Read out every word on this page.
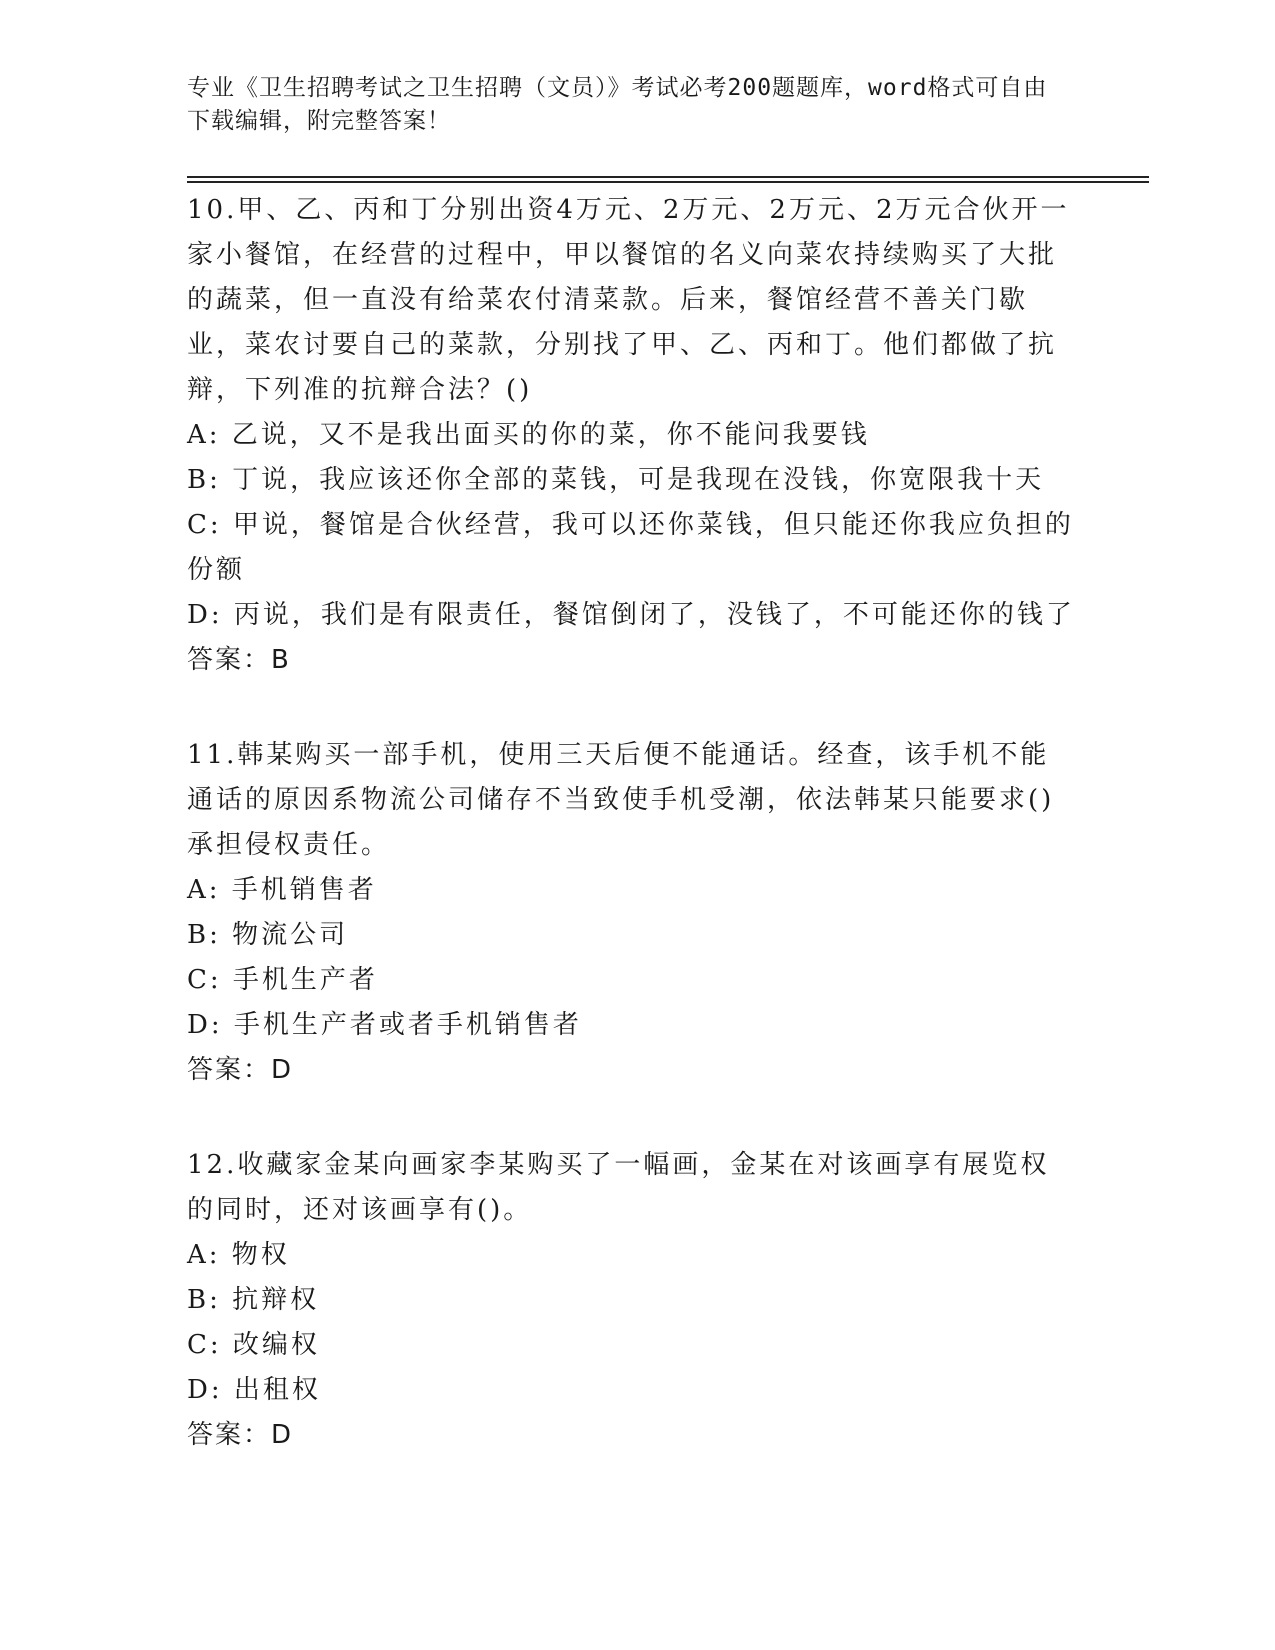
专业《卫生招聘考试之卫生招聘（文员）》考试必考200题题库，word格式可自由下载编辑，附完整答案！
10.甲、乙、丙和丁分别出资4万元、2万元、2万元、2万元合伙开一家小餐馆，在经营的过程中，甲以餐馆的名义向菜农持续购买了大批的蔬菜，但一直没有给菜农付清菜款。后来，餐馆经营不善关门歇业，菜农讨要自己的菜款，分别找了甲、乙、丙和丁。他们都做了抗辩，下列准的抗辩合法？()
A: 乙说，又不是我出面买的你的菜，你不能问我要钱
B: 丁说，我应该还你全部的菜钱，可是我现在没钱，你宽限我十天
C: 甲说，餐馆是合伙经营，我可以还你菜钱，但只能还你我应负担的份额
D: 丙说，我们是有限责任，餐馆倒闭了，没钱了，不可能还你的钱了
答案：B
11.韩某购买一部手机，使用三天后便不能通话。经查，该手机不能通话的原因系物流公司储存不当致使手机受潮，依法韩某只能要求()承担侵权责任。
A: 手机销售者
B: 物流公司
C: 手机生产者
D: 手机生产者或者手机销售者
答案：D
12.收藏家金某向画家李某购买了一幅画，金某在对该画享有展览权的同时，还对该画享有()。
A: 物权
B: 抗辩权
C: 改编权
D: 出租权
答案：D
